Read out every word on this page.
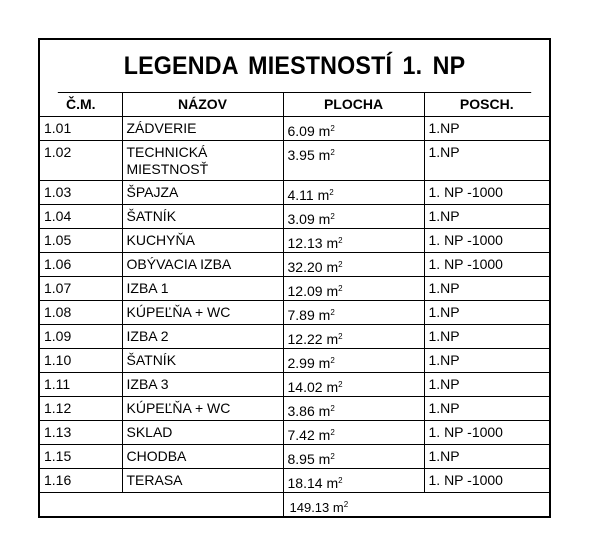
LEGENDA MIESTNOSTÍ 1. NP
Č.M.	NÁZOV	PLOCHA	POSCH.
1.01	ZÁDVERIE	6.09 $m^2$	1.NP
1.02	TECHNICKÁ MIESTNOSŤ	3.95 $m^2$	1.NP
1.03	ŠPAJZA	4.11 $m^2$	1. NP -1000
1.04	ŠATNÍK	3.09 $m^2$	1.NP
1.05	KUCHYŇA	12.13 $m^2$	1. NP -1000
1.06	OBÝVACIA IZBA	32.20 $m^2$	1. NP -1000
1.07	IZBA 1	12.09 $m^2$	1.NP
1.08	KÚPEĽŇA + WC	7.89 $m^2$	1.NP
1.09	IZBA 2	12.22 $m^2$	1.NP
1.10	ŠATNÍK	2.99 $m^2$	1.NP
1.11	IZBA 3	14.02 $m^2$	1.NP
1.12	KÚPEĽŇA + WC	3.86 $m^2$	1.NP
1.13	SKLAD	7.42 $m^2$	1. NP -1000
1.15	CHODBA	8.95 $m^2$	1.NP
1.16	TERASA	18.14 $m^2$	1. NP -1000
		149.13 $m^2$
